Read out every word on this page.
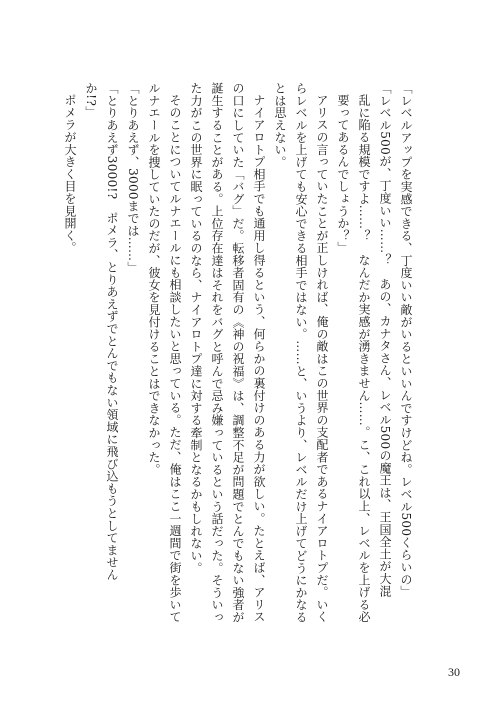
「レベルアップを実感できる、丁度いい敵がいるといいんですけどね。レベル500くらいの」
「レベル500が、丁度いい……？　あの、カナタさん、レベル500の魔王は、王国全土が大混
乱に陥る規模ですよ……？　なんだか実感が湧きません……。こ、これ以上、レベルを上げる必
要ってあるんでしょうか？」
アリスの言っていたことが正しければ、俺の敵はこの世界の支配者であるナイアロトプだ。いく
らレベルを上げても安心できる相手ではない。……と、いうより、レベルだけ上げてどうにかなる
とは思えない。
ナイアロトプ相手でも通用し得るという、何らかの裏付けのある力が欲しい。たとえば、アリス
の口にしていた「バグ」だ。転移者固有の《神の祝福》は、調整不足が問題でとんでもない強者が
誕生することがある。上位存在達はそれをバグと呼んで忌み嫌っているという話だった。そういっ
た力がこの世界に眠っているのなら、ナイアロトプ達に対する牽制となるかもしれない。
そのことについてルナエールにも相談したいと思っている。ただ、俺はここ一週間で街を歩いて
ルナエールを捜していたのだが、彼女を見付けることはできなかった。
「とりあえず、3000までは……」
「とりあえず3000!?　ポメラ、とりあえずでとんでもない領域に飛び込もうとしてません
か!?」
ポメラが大きく目を見開く。
30
